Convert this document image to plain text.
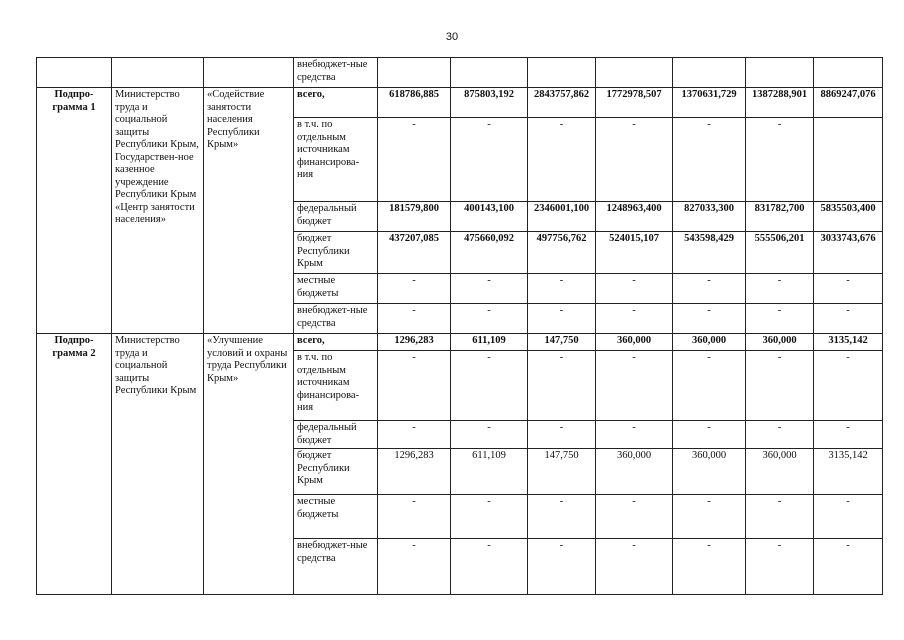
30
			внебюджет-ные средства							
Подпро-грамма 1	Министерство труда и социальной защиты Республики Крым, Государствен-ное казенное учреждение Республики Крым «Центр занятости населения»	«Содействие занятости населения Республики Крым»	всего,	618786,885	875803,192	2843757,862	1772978,507	1370631,729	1387288,901	8869247,076
			в т.ч. по отдельным источникам финансирова-ния	-	-	-	-	-	-	
			федеральный бюджет	181579,800	400143,100	2346001,100	1248963,400	827033,300	831782,700	5835503,400
			бюджет Республики Крым	437207,085	475660,092	497756,762	524015,107	543598,429	555506,201	3033743,676
			местные бюджеты	-	-	-	-	-	-	-
			внебюджет-ные средства	-	-	-	-	-	-	-
Подпро-грамма 2	Министерство труда и социальной защиты Республики Крым	«Улучшение условий и охраны труда Республики Крым»	всего,	1296,283	611,109	147,750	360,000	360,000	360,000	3135,142
			в т.ч. по отдельным источникам финансирова-ния	-	-	-	-	-	-	-
			федеральный бюджет	-	-	-	-	-	-	-
			бюджет Республики Крым	1296,283	611,109	147,750	360,000	360,000	360,000	3135,142
			местные бюджеты	-	-	-	-	-	-	-
			внебюджет-ные средства	-	-	-	-	-	-	-
